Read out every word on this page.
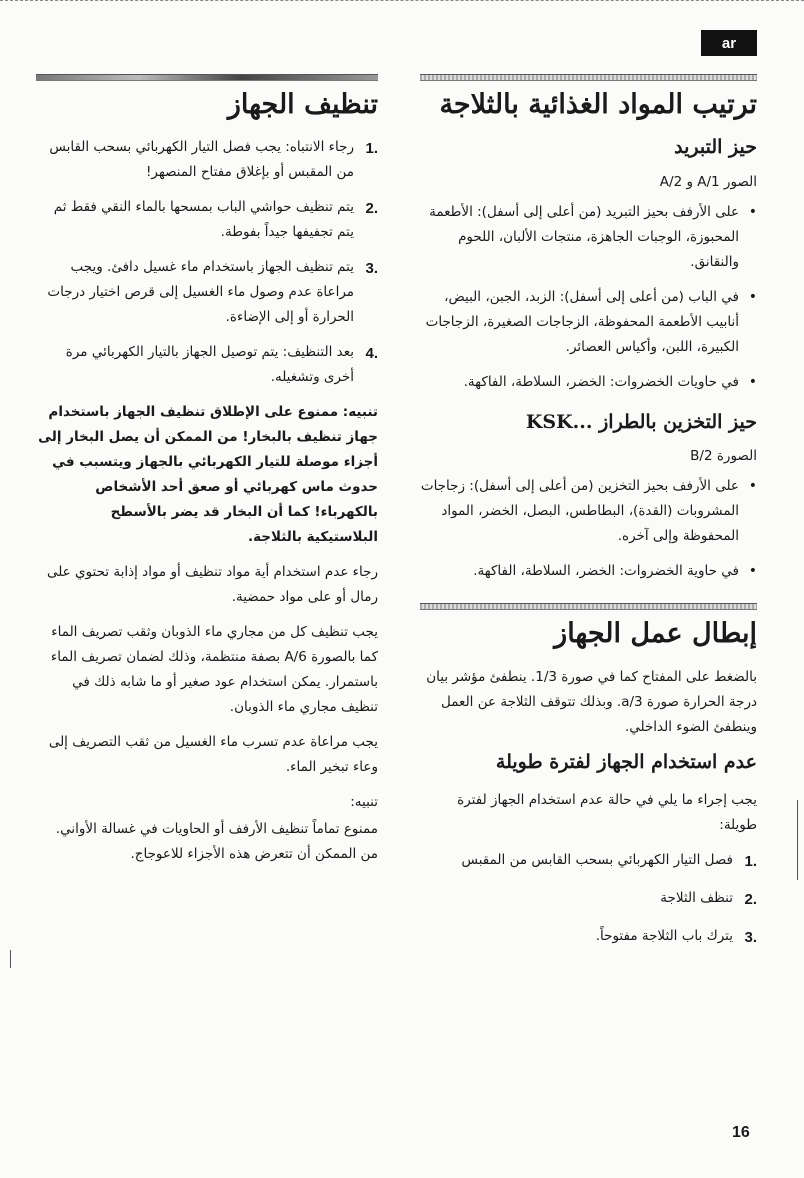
ar
ترتيب المواد الغذائية بالثلاجة
حيز التبريد
الصور A/1 و A/2
•
على الأرفف بحيز التبريد (من أعلى إلى أسفل): الأطعمة المحبوزة، الوجبات الجاهزة، منتجات الألبان، اللحوم والنقانق.
•
في الباب (من أعلى إلى أسفل): الزبد، الجبن، البيض، أنابيب الأطعمة المحفوظة، الزجاجات الصغيرة، الزجاجات الكبيرة، اللبن، وأكياس العصائر.
•
في حاويات الخضروات: الخضر، السلاطة، الفاكهة.
حيز التخزين بالطراز ...KSK
الصورة B/2
•
على الأرفف بحيز التخزين (من أعلى إلى أسفل): زجاجات المشروبات (القدة)، البطاطس، البصل، الخضر، المواد المحفوظة وإلى آخره.
•
في حاوية الخضروات: الخضر، السلاطة، الفاكهة.
إبطال عمل الجهاز

بالضغط على المفتاح كما في صورة 1/3. ينطفئ مؤشر بيان درجة الحرارة صورة a/3. وبذلك تتوقف الثلاجة عن العمل وينطفئ الضوء الداخلي.

عدم استخدام الجهاز لفترة طويلة

يجب إجراء ما يلي في حالة عدم استخدام الجهاز لفترة طويلة:

.1
فصل التيار الكهربائي بسحب القابس من المقبس
.2
تنظف الثلاجة
.3
يترك باب الثلاجة مفتوحاً.
تنظيف الجهاز
.1
رجاء الانتباه: يجب فصل التيار الكهربائي بسحب القابس من المقبس أو بإغلاق مفتاح المنصهر!
.2
يتم تنظيف حواشي الباب بمسحها بالماء النقي فقط ثم يتم تجفيفها جيداً بفوطة.
.3
يتم تنظيف الجهاز باستخدام ماء غسيل دافئ. ويجب مراعاة عدم وصول ماء الغسيل إلى قرص اختيار درجات الحرارة أو إلى الإضاءة.
.4
بعد التنظيف: يتم توصيل الجهاز بالتيار الكهربائي مرة أخرى وتشغيله.

تنبيه: ممنوع على الإطلاق تنظيف الجهاز باستخدام جهاز تنظيف بالبخار! من الممكن أن يصل البخار إلى أجزاء موصلة للتيار الكهربائي بالجهاز ويتسبب في حدوث ماس كهربائي أو صعق أحد الأشخاص بالكهرباء! كما أن البخار قد يضر بالأسطح البلاستيكية بالثلاجة.

رجاء عدم استخدام أية مواد تنظيف أو مواد إذابة تحتوي على رمال أو على مواد حمضية.

يجب تنظيف كل من مجاري ماء الذوبان وثقب تصريف الماء كما بالصورة A/6 بصفة منتظمة، وذلك لضمان تصريف الماء باستمرار. يمكن استخدام عود صغير أو ما شابه ذلك في تنظيف مجاري ماء الذوبان.

يجب مراعاة عدم تسرب ماء الغسيل من ثقب التصريف إلى وعاء تبخير الماء.

تنبيه:

ممنوع تماماً تنظيف الأرفف أو الحاويات في غسالة الأواني. من الممكن أن تتعرض هذه الأجزاء للاعوجاج.

16
